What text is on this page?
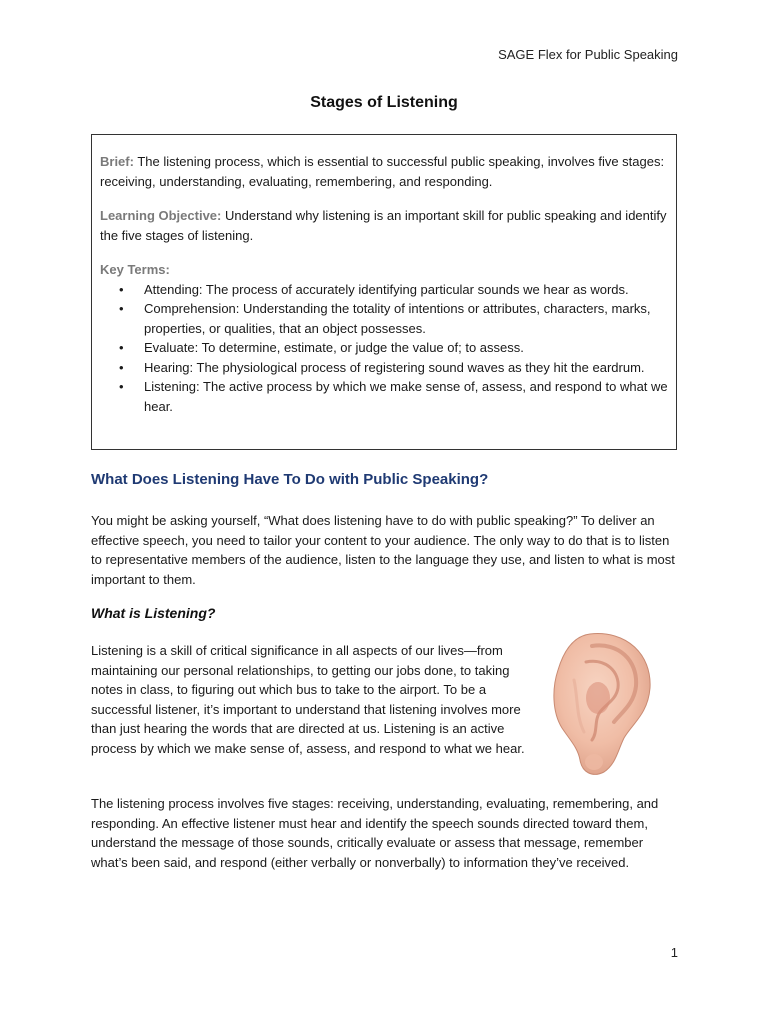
SAGE Flex for Public Speaking
Stages of Listening

Brief: The listening process, which is essential to successful public speaking, involves five stages: receiving, understanding, evaluating, remembering, and responding.

Learning Objective: Understand why listening is an important skill for public speaking and identify the five stages of listening.

Key Terms:

• Attending: The process of accurately identifying particular sounds we hear as words.
• Comprehension: Understanding the totality of intentions or attributes, characters, marks, properties, or qualities, that an object possesses.
• Evaluate: To determine, estimate, or judge the value of; to assess.
• Hearing: The physiological process of registering sound waves as they hit the eardrum.
• Listening: The active process by which we make sense of, assess, and respond to what we hear.
What Does Listening Have To Do with Public Speaking?

You might be asking yourself, “What does listening have to do with public speaking?” To deliver an effective speech, you need to tailor your content to your audience. The only way to do that is to listen to representative members of the audience, listen to the language they use, and listen to what is most important to them.

What is Listening?

Listening is a skill of critical significance in all aspects of our lives—from maintaining our personal relationships, to getting our jobs done, to taking notes in class, to figuring out which bus to take to the airport. To be a successful listener, it’s important to understand that listening involves more than just hearing the words that are directed at us. Listening is an active process by which we make sense of, assess, and respond to what we hear.

The listening process involves five stages: receiving, understanding, evaluating, remembering, and responding. An effective listener must hear and identify the speech sounds directed toward them, understand the message of those sounds, critically evaluate or assess that message, remember what’s been said, and respond (either verbally or nonverbally) to information they’ve received.

1
